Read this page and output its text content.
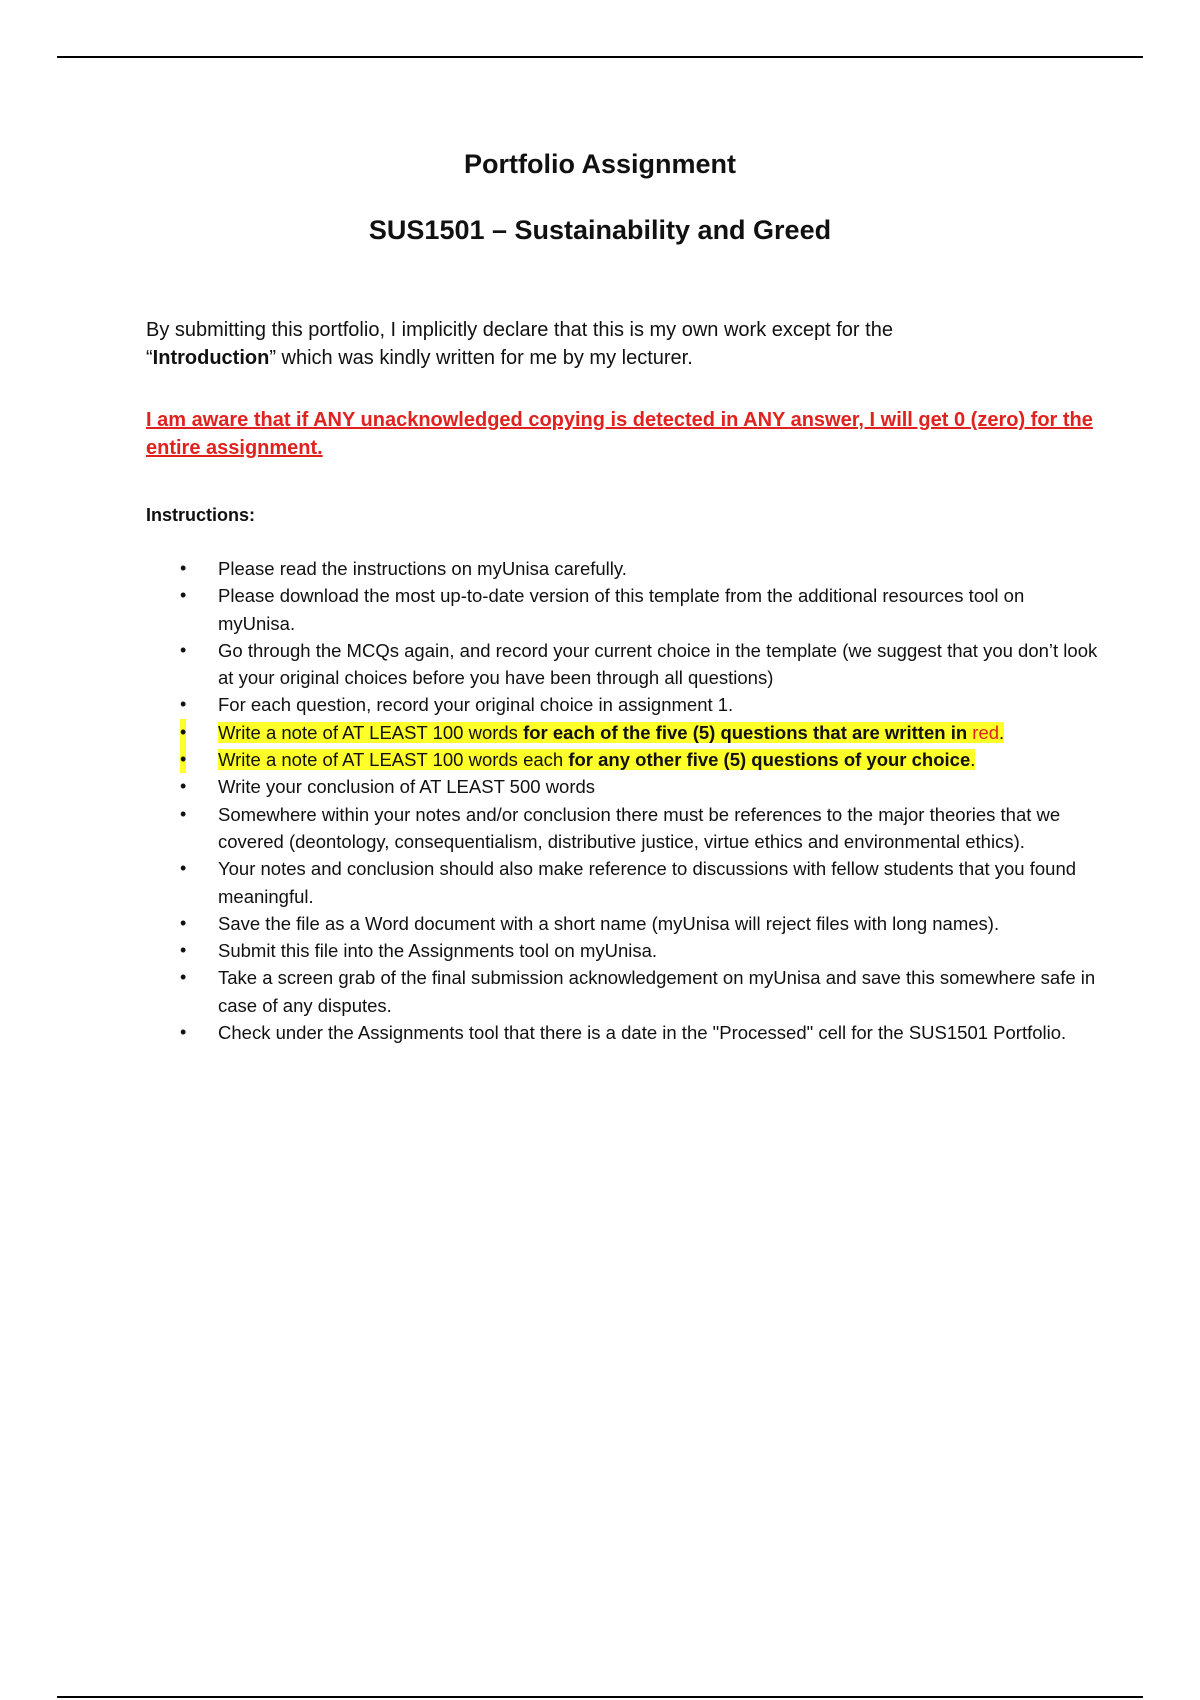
Portfolio Assignment
SUS1501 – Sustainability and Greed

By submitting this portfolio, I implicitly declare that this is my own work except for the
“Introduction” which was kindly written for me by my lecturer.

I am aware that if ANY unacknowledged copying is detected in ANY answer, I will get 0 (zero) for the entire assignment.

Instructions:

• Please read the instructions on myUnisa carefully.
• Please download the most up-to-date version of this template from the additional resources tool on myUnisa.
• Go through the MCQs again, and record your current choice in the template (we suggest that you don’t look at your original choices before you have been through all questions)
• For each question, record your original choice in assignment 1.
• Write a note of AT LEAST 100 words for each of the five (5) questions that are written in red.
• Write a note of AT LEAST 100 words each for any other five (5) questions of your choice.
• Write your conclusion of AT LEAST 500 words
• Somewhere within your notes and/or conclusion there must be references to the major theories that we covered (deontology, consequentialism, distributive justice, virtue ethics and environmental ethics).
• Your notes and conclusion should also make reference to discussions with fellow students that you found meaningful.
• Save the file as a Word document with a short name (myUnisa will reject files with long names).
• Submit this file into the Assignments tool on myUnisa.
• Take a screen grab of the final submission acknowledgement on myUnisa and save this somewhere safe in case of any disputes.
• Check under the Assignments tool that there is a date in the "Processed" cell for the SUS1501 Portfolio.
